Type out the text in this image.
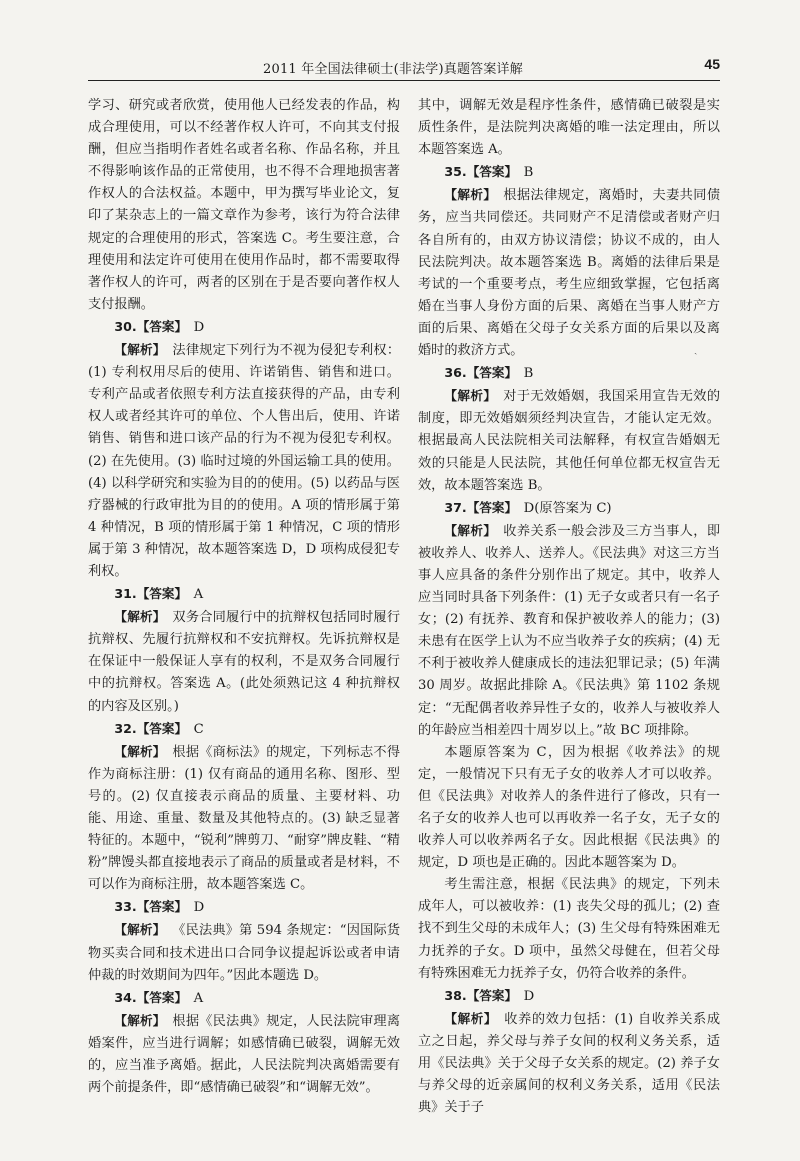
2011 年全国法律硕士(非法学)真题答案详解	45

学习、研究或者欣赏，使用他人已经发表的作品，构成合理使用，可以不经著作权人许可，不向其支付报酬，但应当指明作者姓名或者名称、作品名称，并且不得影响该作品的正常使用，也不得不合理地损害著作权人的合法权益。本题中，甲为撰写毕业论文，复印了某杂志上的一篇文章作为参考，该行为符合法律规定的合理使用的形式，答案选 C。考生要注意，合理使用和法定许可使用在使用作品时，都不需要取得著作权人的许可，两者的区别在于是否要向著作权人支付报酬。

30.【答案】  D

【解析】  法律规定下列行为不视为侵犯专利权：(1) 专利权用尽后的使用、许诺销售、销售和进口。专利产品或者依照专利方法直接获得的产品，由专利权人或者经其许可的单位、个人售出后，使用、许诺销售、销售和进口该产品的行为不视为侵犯专利权。(2) 在先使用。(3) 临时过境的外国运输工具的使用。(4) 以科学研究和实验为目的的使用。(5) 以药品与医疗器械的行政审批为目的的使用。A 项的情形属于第 4 种情况，B 项的情形属于第 1 种情况，C 项的情形属于第 3 种情况，故本题答案选 D，D 项构成侵犯专利权。

31.【答案】  A

【解析】  双务合同履行中的抗辩权包括同时履行抗辩权、先履行抗辩权和不安抗辩权。先诉抗辩权是在保证中一般保证人享有的权利，不是双务合同履行中的抗辩权。答案选 A。(此处须熟记这 4 种抗辩权的内容及区别。)

32.【答案】  C

【解析】  根据《商标法》的规定，下列标志不得作为商标注册：(1) 仅有商品的通用名称、图形、型号的。(2) 仅直接表示商品的质量、主要材料、功能、用途、重量、数量及其他特点的。(3) 缺乏显著特征的。本题中，“锐利”牌剪刀、“耐穿”牌皮鞋、“精粉”牌馒头都直接地表示了商品的质量或者是材料，不可以作为商标注册，故本题答案选 C。

33.【答案】  D

【解析】  《民法典》第 594 条规定：“因国际货物买卖合同和技术进出口合同争议提起诉讼或者申请仲裁的时效期间为四年。”因此本题选 D。

34.【答案】  A

【解析】  根据《民法典》规定，人民法院审理离婚案件，应当进行调解；如感情确已破裂，调解无效的，应当准予离婚。据此，人民法院判决离婚需要有两个前提条件，即“感情确已破裂”和“调解无效”。

其中，调解无效是程序性条件，感情确已破裂是实质性条件，是法院判决离婚的唯一法定理由，所以本题答案选 A。

35.【答案】  B

【解析】  根据法律规定，离婚时，夫妻共同债务，应当共同偿还。共同财产不足清偿或者财产归各自所有的，由双方协议清偿；协议不成的，由人民法院判决。故本题答案选 B。离婚的法律后果是考试的一个重要考点，考生应细致掌握，它包括离婚在当事人身份方面的后果、离婚在当事人财产方面的后果、离婚在父母子女关系方面的后果以及离婚时的救济方式。

36.【答案】  B

【解析】  对于无效婚姻，我国采用宣告无效的制度，即无效婚姻须经判决宣告，才能认定无效。根据最高人民法院相关司法解释，有权宣告婚姻无效的只能是人民法院，其他任何单位都无权宣告无效，故本题答案选 B。

37.【答案】  D(原答案为 C)

【解析】  收养关系一般会涉及三方当事人，即被收养人、收养人、送养人。《民法典》对这三方当事人应具备的条件分别作出了规定。其中，收养人应当同时具备下列条件：(1) 无子女或者只有一名子女；(2) 有抚养、教育和保护被收养人的能力；(3) 未患有在医学上认为不应当收养子女的疾病；(4) 无不利于被收养人健康成长的违法犯罪记录；(5) 年满 30 周岁。故据此排除 A。《民法典》第 1102 条规定：“无配偶者收养异性子女的，收养人与被收养人的年龄应当相差四十周岁以上。”故 BC 项排除。

本题原答案为 C，因为根据《收养法》的规定，一般情况下只有无子女的收养人才可以收养。但《民法典》对收养人的条件进行了修改，只有一名子女的收养人也可以再收养一名子女，无子女的收养人可以收养两名子女。因此根据《民法典》的规定，D 项也是正确的。因此本题答案为 D。

考生需注意，根据《民法典》的规定，下列未成年人，可以被收养：(1) 丧失父母的孤儿；(2) 查找不到生父母的未成年人；(3) 生父母有特殊困难无力抚养的子女。D 项中，虽然父母健在，但若父母有特殊困难无力抚养子女，仍符合收养的条件。

38.【答案】  D

【解析】  收养的效力包括：(1) 自收养关系成立之日起，养父母与养子女间的权利义务关系，适用《民法典》关于父母子女关系的规定。(2) 养子女与养父母的近亲属间的权利义务关系，适用《民法典》关于子

ˎ
